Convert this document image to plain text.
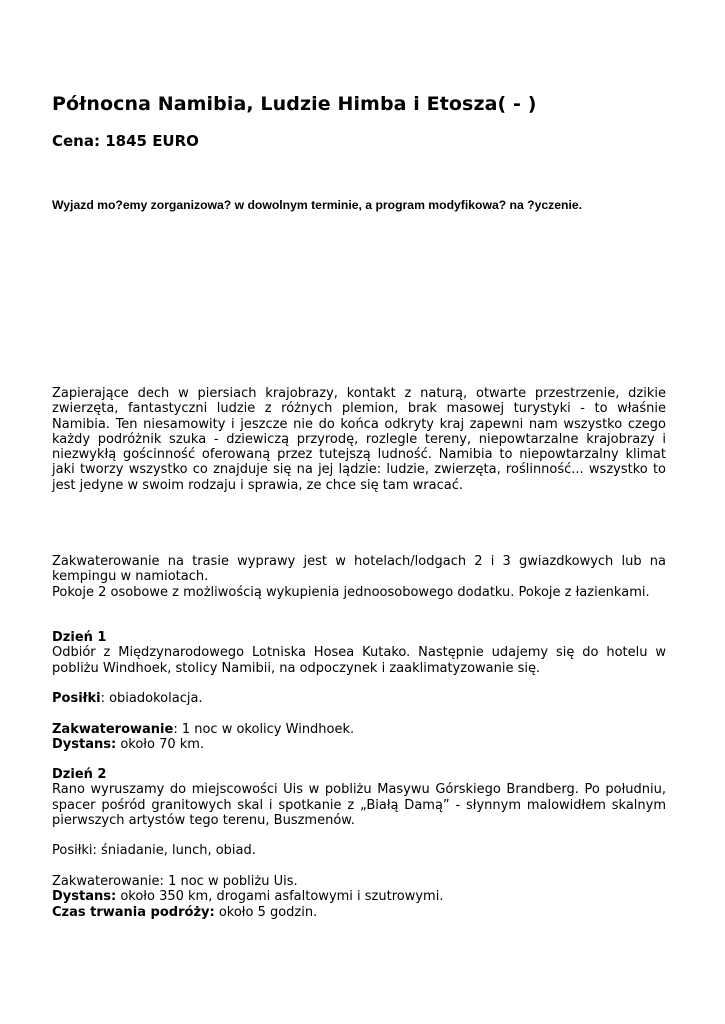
Północna Namibia, Ludzie Himba i Etosza( - )

Cena: 1845 EURO

Wyjazd mo?emy zorganizowa? w dowolnym terminie, a program modyfikowa? na ?yczenie.

Zapierające dech w piersiach krajobrazy, kontakt z naturą, otwarte przestrzenie, dzikie zwierzęta, fantastyczni ludzie z różnych plemion, brak masowej turystyki - to właśnie Namibia. Ten niesamowity i jeszcze nie do końca odkryty kraj zapewni nam wszystko czego każdy podróżnik szuka - dziewiczą przyrodę, rozlegle tereny, niepowtarzalne krajobrazy i niezwykłą gościnność oferowaną przez tutejszą ludność. Namibia to niepowtarzalny klimat jaki tworzy wszystko co znajduje się na jej lądzie: ludzie, zwierzęta, roślinność... wszystko to jest jedyne w swoim rodzaju i sprawia, ze chce się tam wracać.

Zakwaterowanie na trasie wyprawy jest w hotelach/lodgach 2 i 3 gwiazdkowych lub na kempingu w namiotach.
Pokoje 2 osobowe z możliwością wykupienia jednoosobowego dodatku. Pokoje z łazienkami.
Dzień 1
Odbiór z Międzynarodowego Lotniska Hosea Kutako. Następnie udajemy się do hotelu w pobliżu Windhoek, stolicy Namibii, na odpoczynek i zaaklimatyzowanie się.
Posiłki: obiadokolacja.
Zakwaterowanie: 1 noc w okolicy Windhoek.
Dystans: około 70 km.
Dzień 2
Rano wyruszamy do miejscowości Uis w pobliżu Masywu Górskiego Brandberg. Po południu, spacer pośród granitowych skal i spotkanie z „Białą Damą” - słynnym malowidłem skalnym pierwszych artystów tego terenu, Buszmenów.
Posiłki: śniadanie, lunch, obiad.
Zakwaterowanie: 1 noc w pobliżu Uis.
Dystans: około 350 km, drogami asfaltowymi i szutrowymi.
Czas trwania podróży: około 5 godzin.
